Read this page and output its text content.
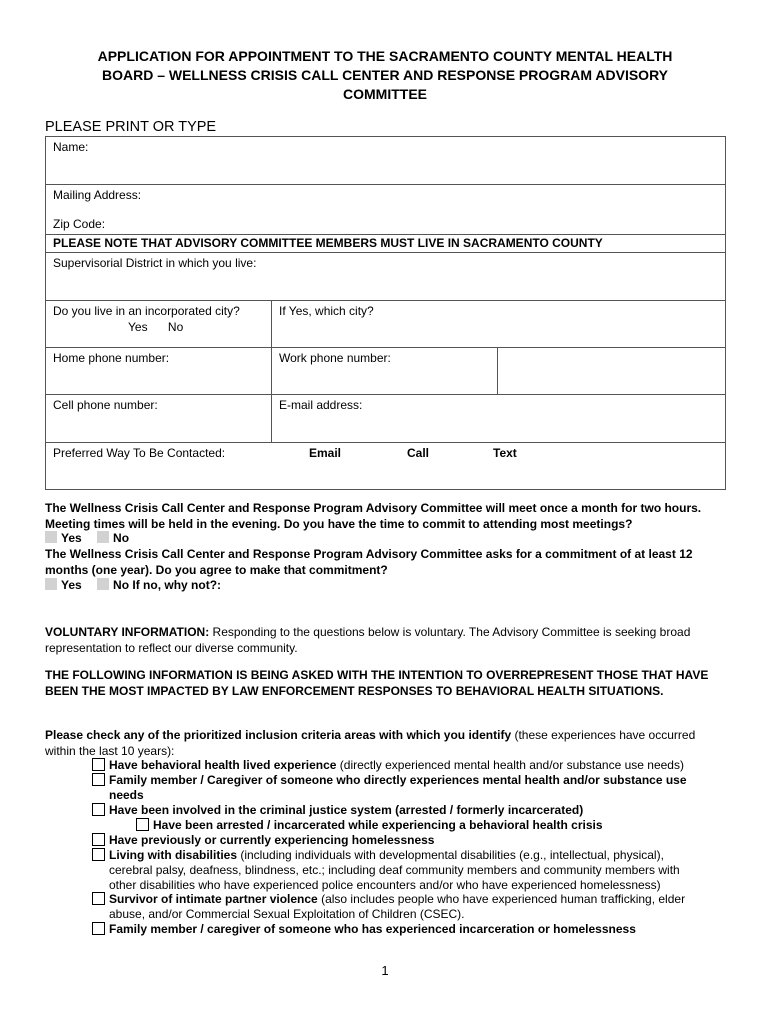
APPLICATION FOR APPOINTMENT TO THE SACRAMENTO COUNTY MENTAL HEALTH
BOARD – WELLNESS CRISIS CALL CENTER AND RESPONSE PROGRAM ADVISORY
COMMITTEE
PLEASE PRINT OR TYPE
Name:		

Mailing Address:
Zip Code:		

PLEASE NOTE THAT ADVISORY COMMITTEE MEMBERS MUST LIVE IN SACRAMENTO COUNTY		
Supervisorial District in which you live:		

Do you live in an incorporated city?
Yes No	If Yes, which city?	
Home phone number:	Work phone number:	
Cell phone number:	E-mail address:	
Preferred Way To Be Contacted: Email Call Text		
The Wellness Crisis Call Center and Response Program Advisory Committee will meet once a month for two hours. Meeting times will be held in the evening. Do you have the time to commit to attending most meetings?
Yes	No
The Wellness Crisis Call Center and Response Program Advisory Committee asks for a commitment of at least 12 months (one year). Do you agree to make that commitment?
Yes	No If no, why not?:
VOLUNTARY INFORMATION: Responding to the questions below is voluntary. The Advisory Committee is seeking broad representation to reflect our diverse community.
THE FOLLOWING INFORMATION IS BEING ASKED WITH THE INTENTION TO OVERREPRESENT THOSE THAT HAVE BEEN THE MOST IMPACTED BY LAW ENFORCEMENT RESPONSES TO BEHAVIORAL HEALTH SITUATIONS.
Please check any of the prioritized inclusion criteria areas with which you identify (these experiences have occurred within the last 10 years):
Have behavioral health lived experience (directly experienced mental health and/or substance use needs)
Family member / Caregiver of someone who directly experiences mental health and/or substance use
needs
Have been involved in the criminal justice system (arrested / formerly incarcerated)
Have been arrested / incarcerated while experiencing a behavioral health crisis
Have previously or currently experiencing homelessness
Living with disabilities (including individuals with developmental disabilities (e.g., intellectual, physical),
cerebral palsy, deafness, blindness, etc.; including deaf community members and community members with
other disabilities who have experienced police encounters and/or who have experienced homelessness)
Survivor of intimate partner violence (also includes people who have experienced human trafficking, elder
abuse, and/or Commercial Sexual Exploitation of Children (CSEC).
Family member / caregiver of someone who has experienced incarceration or homelessness
1
